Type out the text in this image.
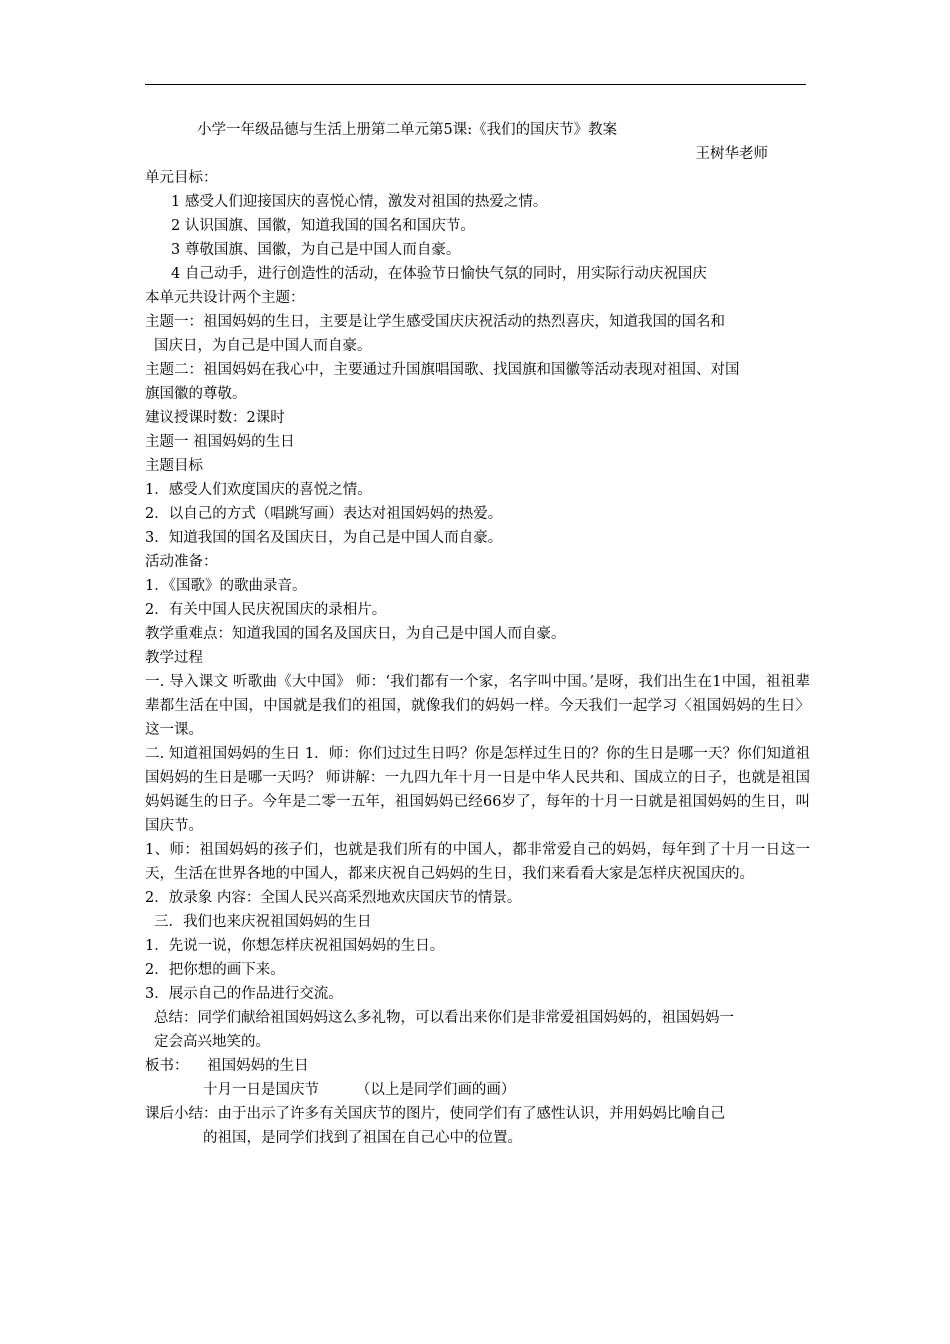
小学一年级品德与生活上册第二单元第5课:《我们的国庆节》教案
王树华老师
单元目标：
1 感受人们迎接国庆的喜悦心情，激发对祖国的热爱之情。
2 认识国旗、国徽，知道我国的国名和国庆节。
3 尊敬国旗、国徽，为自己是中国人而自豪。
4 自己动手，进行创造性的活动，在体验节日愉快气氛的同时，用实际行动庆祝国庆
本单元共设计两个主题：
主题一：祖国妈妈的生日，主要是让学生感受国庆庆祝活动的热烈喜庆，知道我国的国名和
国庆日，为自己是中国人而自豪。
主题二：祖国妈妈在我心中，主要通过升国旗唱国歌、找国旗和国徽等活动表现对祖国、对国
旗国徽的尊敬。
建议授课时数：2课时
主题一 祖国妈妈的生日
主题目标
1．感受人们欢度国庆的喜悦之情。
2．以自己的方式（唱跳写画）表达对祖国妈妈的热爱。
3．知道我国的国名及国庆日，为自己是中国人而自豪。
活动准备：
1．《国歌》的歌曲录音。
2．有关中国人民庆祝国庆的录相片。
教学重难点：知道我国的国名及国庆日，为自己是中国人而自豪。
教学过程
一. 导入课文 听歌曲《大中国》 师：‘我们都有一个家，名字叫中国。’是呀，我们出生在1中国，祖祖辈辈都生活在中国，中国就是我们的祖国，就像我们的妈妈一样。今天我们一起学习〈祖国妈妈的生日〉这一课。
二. 知道祖国妈妈的生日 1．师：你们过过生日吗？你是怎样过生日的？你的生日是哪一天？你们知道祖国妈妈的生日是哪一天吗？ 师讲解：一九四九年十月一日是中华人民共和、国成立的日子，也就是祖国妈妈诞生的日子。今年是二零一五年，祖国妈妈已经66岁了，每年的十月一日就是祖国妈妈的生日，叫国庆节。
1、师：祖国妈妈的孩子们，也就是我们所有的中国人，都非常爱自己的妈妈，每年到了十月一日这一天，生活在世界各地的中国人，都来庆祝自己妈妈的生日，我们来看看大家是怎样庆祝国庆的。
2．放录象 内容：全国人民兴高采烈地欢庆国庆节的情景。
三．我们也来庆祝祖国妈妈的生日
1．先说一说，你想怎样庆祝祖国妈妈的生日。
2．把你想的画下来。
3．展示自己的作品进行交流。
总结：同学们献给祖国妈妈这么多礼物，可以看出来你们是非常爱祖国妈妈的，祖国妈妈一
定会高兴地笑的。
板书： 祖国妈妈的生日
十月一日是国庆节        （以上是同学们画的画）
课后小结：由于出示了许多有关国庆节的图片，使同学们有了感性认识，并用妈妈比喻自己
的祖国，是同学们找到了祖国在自己心中的位置。
